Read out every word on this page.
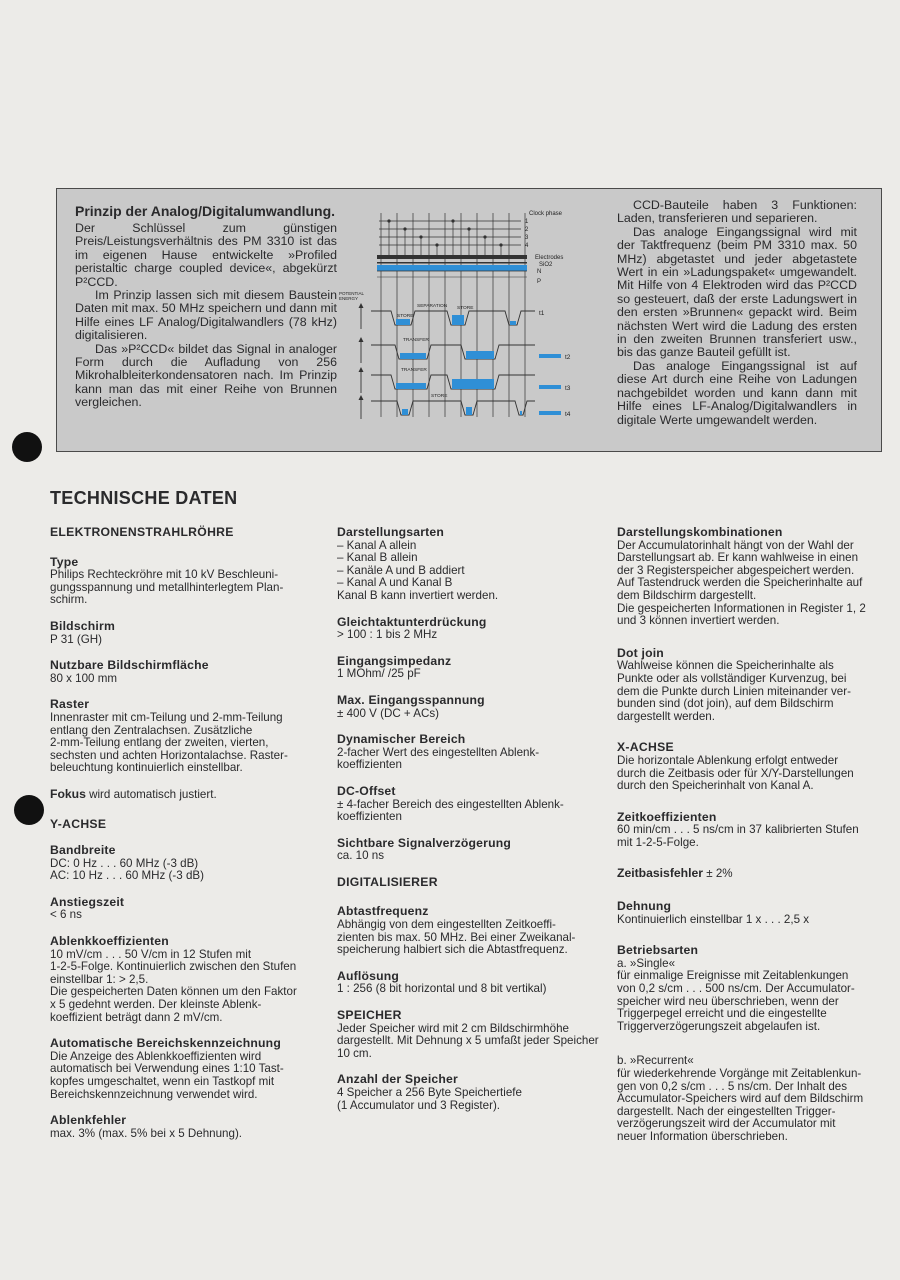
Prinzip der Analog/Digitalumwandlung.

Der Schlüssel zum günstigen Preis/Leistungsverhältnis des PM 3310 ist das im eigenen Hause entwickelte »Profiled peristaltic charge coupled device«, abgekürzt P²CCD.

Im Prinzip lassen sich mit diesem Baustein Daten mit max. 50 MHz speichern und dann mit Hilfe eines LF Analog/Digitalwandlers (78 kHz) digitalisieren.

Das »P²CCD« bildet das Signal in analoger Form durch die Aufladung von 256 Mikrohalbleiterkondensatoren nach. Im Prinzip kann man das mit einer Reihe von Brunnen vergleichen.

Clock phase
1
2
3
4
Electrodes
SiO2
N
P
POTENTIAL
ENERGY
STORE
SEPARATION STORE
TRANSFER
TRANSFER
STORE
t1
t2
t3
t4

CCD-Bauteile haben 3 Funktionen: Laden, transferieren und separieren.

Das analoge Eingangssignal wird mit der Taktfrequenz (beim PM 3310 max. 50 MHz) abgetastet und jeder abgetastete Wert in ein »Ladungspaket« umgewandelt. Mit Hilfe von 4 Elektroden wird das P²CCD so gesteuert, daß der erste Ladungswert in den ersten »Brunnen« gepackt wird. Beim nächsten Wert wird die Ladung des ersten in den zweiten Brunnen transferiert usw., bis das ganze Bauteil gefüllt ist.

Das analoge Eingangssignal ist auf diese Art durch eine Reihe von Ladungen nachgebildet worden und kann dann mit Hilfe eines LF-Analog/Digitalwandlers in digitale Werte umgewandelt werden.

TECHNISCHE DATEN
ELEKTRONENSTRAHLRÖHRE
Type
Philips Rechteckröhre mit 10 kV Beschleuni-
gungsspannung und metallhinterlegtem Plan-
schirm.
Bildschirm
P 31 (GH)
Nutzbare Bildschirmfläche
80 x 100 mm
Raster
Innenraster mit cm-Teilung und 2-mm-Teilung
entlang den Zentralachsen. Zusätzliche
2-mm-Teilung entlang der zweiten, vierten,
sechsten und achten Horizontalachse. Raster-
beleuchtung kontinuierlich einstellbar.
Fokus wird automatisch justiert.
Y-ACHSE
Bandbreite
DC: 0 Hz . . . 60 MHz (-3 dB)
AC: 10 Hz . . . 60 MHz (-3 dB)
Anstiegszeit
< 6 ns
Ablenkkoeffizienten
10 mV/cm . . . 50 V/cm in 12 Stufen mit
1-2-5-Folge. Kontinuierlich zwischen den Stufen
einstellbar 1: > 2,5.
Die gespeicherten Daten können um den Faktor
x 5 gedehnt werden. Der kleinste Ablenk-
koeffizient beträgt dann 2 mV/cm.
Automatische Bereichskennzeichnung
Die Anzeige des Ablenkkoeffizienten wird
automatisch bei Verwendung eines 1:10 Tast-
kopfes umgeschaltet, wenn ein Tastkopf mit
Bereichskennzeichnung verwendet wird.
Ablenkfehler
max. 3% (max. 5% bei x 5 Dehnung).
Darstellungsarten
– Kanal A allein
– Kanal B allein
– Kanäle A und B addiert
– Kanal A und Kanal B
Kanal B kann invertiert werden.
Gleichtaktunterdrückung
> 100 : 1 bis 2 MHz
Eingangsimpedanz
1 MOhm/ /25 pF
Max. Eingangsspannung
± 400 V (DC + ACs)
Dynamischer Bereich
2-facher Wert des eingestellten Ablenk-
koeffizienten
DC-Offset
± 4-facher Bereich des eingestellten Ablenk-
koeffizienten
Sichtbare Signalverzögerung
ca. 10 ns
DIGITALISIERER
Abtastfrequenz
Abhängig von dem eingestellten Zeitkoeffi-
zienten bis max. 50 MHz. Bei einer Zweikanal-
speicherung halbiert sich die Abtastfrequenz.
Auflösung
1 : 256 (8 bit horizontal und 8 bit vertikal)
SPEICHER
Jeder Speicher wird mit 2 cm Bildschirmhöhe
dargestellt. Mit Dehnung x 5 umfaßt jeder Speicher
10 cm.
Anzahl der Speicher
4 Speicher a 256 Byte Speichertiefe
(1 Accumulator und 3 Register).
Darstellungskombinationen
Der Accumulatorinhalt hängt von der Wahl der
Darstellungsart ab. Er kann wahlweise in einen
der 3 Registerspeicher abgespeichert werden.
Auf Tastendruck werden die Speicherinhalte auf
dem Bildschirm dargestellt.
Die gespeicherten Informationen in Register 1, 2
und 3 können invertiert werden.
Dot join
Wahlweise können die Speicherinhalte als
Punkte oder als vollständiger Kurvenzug, bei
dem die Punkte durch Linien miteinander ver-
bunden sind (dot join), auf dem Bildschirm
dargestellt werden.
X-ACHSE
Die horizontale Ablenkung erfolgt entweder
durch die Zeitbasis oder für X/Y-Darstellungen
durch den Speicherinhalt von Kanal A.
Zeitkoeffizienten
60 min/cm . . . 5 ns/cm in 37 kalibrierten Stufen
mit 1-2-5-Folge.
Zeitbasisfehler ± 2%
Dehnung
Kontinuierlich einstellbar 1 x . . . 2,5 x
Betriebsarten
a. »Single«
für einmalige Ereignisse mit Zeitablenkungen
von 0,2 s/cm . . . 500 ns/cm. Der Accumulator-
speicher wird neu überschrieben, wenn der
Triggerpegel erreicht und die eingestellte
Triggerverzögerungszeit abgelaufen ist.
b. »Recurrent«
für wiederkehrende Vorgänge mit Zeitablenkun-
gen von 0,2 s/cm . . . 5 ns/cm. Der Inhalt des
Accumulator-Speichers wird auf dem Bildschirm
dargestellt. Nach der eingestellten Trigger-
verzögerungszeit wird der Accumulator mit
neuer Information überschrieben.
